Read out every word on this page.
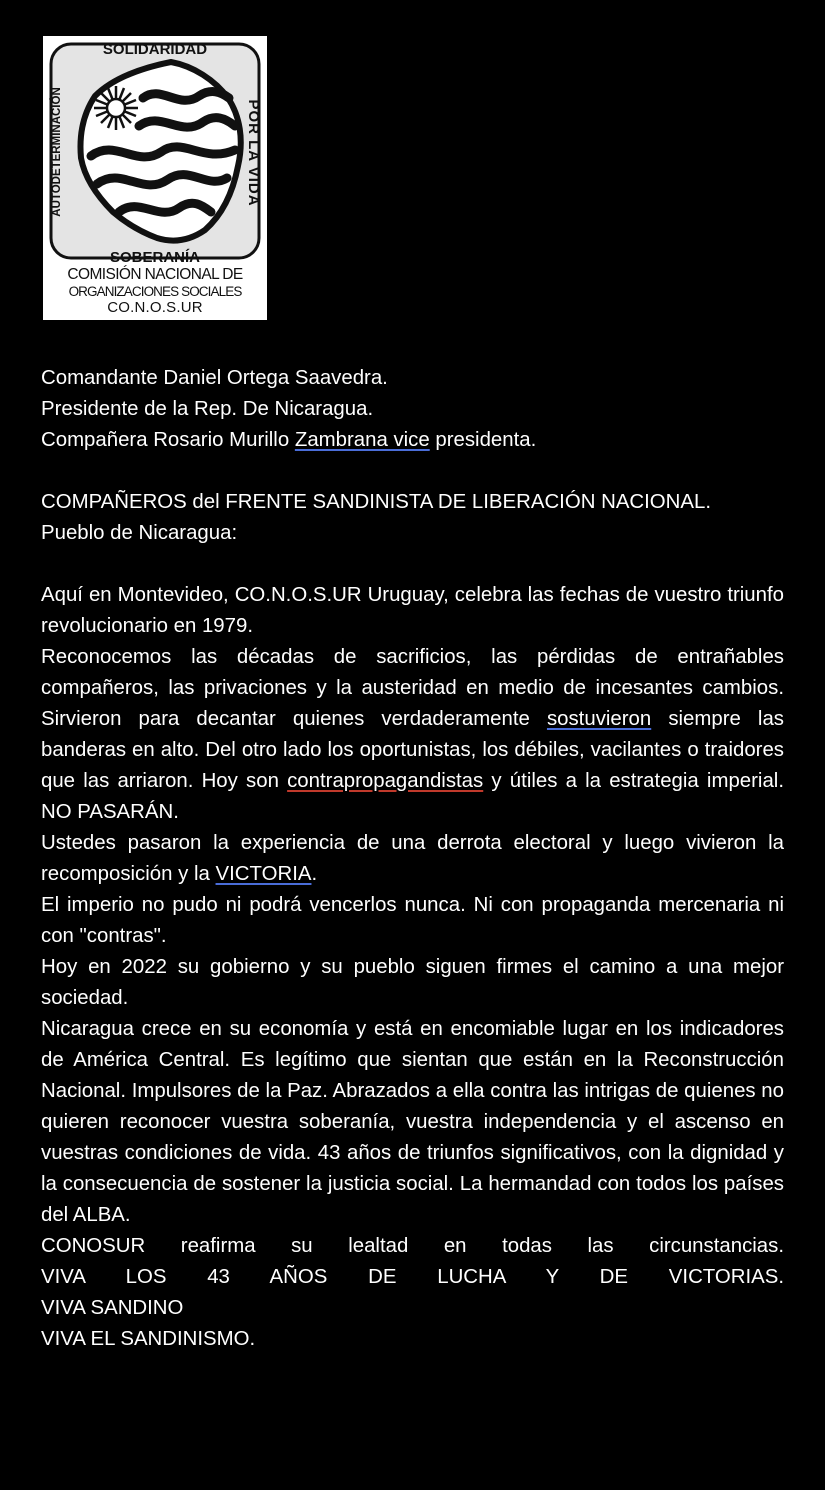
SOLIDARIDAD
AUTODETERMINACIÓN	POR LA VIDA
SOBERANÍA
COMISIÓN NACIONAL DE
ORGANIZACIONES SOCIALES
CO.N.O.S.UR

Comandante Daniel Ortega Saavedra.

Presidente de la Rep. De Nicaragua.

Compañera Rosario Murillo Zambrana vice presidenta.

COMPAÑEROS del FRENTE SANDINISTA DE LIBERACIÓN NACIONAL.

Pueblo de Nicaragua:

Aquí en Montevideo, CO.N.O.S.UR Uruguay, celebra las fechas de vuestro triunfo revolucionario en 1979.

Reconocemos las décadas de sacrificios, las pérdidas de entrañables compañeros, las privaciones y la austeridad en medio de incesantes cambios. Sirvieron para decantar quienes verdaderamente sostuvieron siempre las banderas en alto. Del otro lado los oportunistas, los débiles, vacilantes o traidores que las arriaron. Hoy son contrapropagandistas y útiles a la estrategia imperial. NO PASARÁN.

Ustedes pasaron la experiencia de una derrota electoral y luego vivieron la recomposición y la VICTORIA.

El imperio no pudo ni podrá vencerlos nunca. Ni con propaganda mercenaria ni con "contras".

Hoy en 2022 su gobierno y su pueblo siguen firmes el camino a una mejor sociedad.

Nicaragua crece en su economía y está en encomiable lugar en los indicadores de América Central. Es legítimo que sientan que están en la Reconstrucción Nacional. Impulsores de la Paz. Abrazados a ella contra las intrigas de quienes no quieren reconocer vuestra soberanía, vuestra independencia y el ascenso en vuestras condiciones de vida. 43 años de triunfos significativos, con la dignidad y la consecuencia de sostener la justicia social. La hermandad con todos los países del ALBA.

CONOSUR reafirma su lealtad en todas las circunstancias.

VIVA LOS 43 AÑOS DE LUCHA Y DE VICTORIAS.

VIVA SANDINO

VIVA EL SANDINISMO.
